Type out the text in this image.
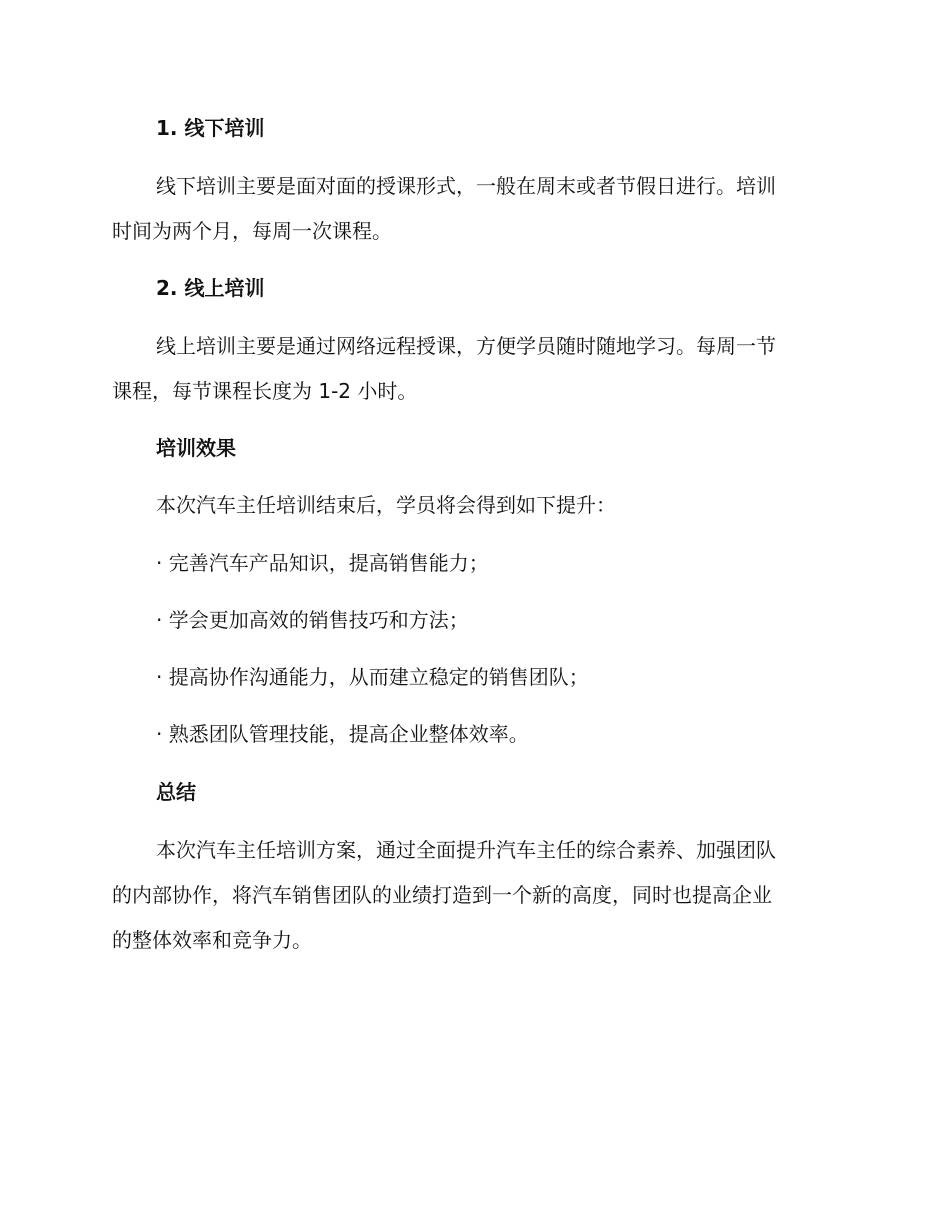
1. 线下培训
线下培训主要是面对面的授课形式，一般在周末或者节假日进行。培训
时间为两个月，每周一次课程。
2. 线上培训
线上培训主要是通过网络远程授课，方便学员随时随地学习。每周一节
课程，每节课程长度为 1-2 小时。
培训效果
本次汽车主任培训结束后，学员将会得到如下提升：
· 完善汽车产品知识，提高销售能力；
· 学会更加高效的销售技巧和方法；
· 提高协作沟通能力，从而建立稳定的销售团队；
· 熟悉团队管理技能，提高企业整体效率。
总结
本次汽车主任培训方案，通过全面提升汽车主任的综合素养、加强团队
的内部协作，将汽车销售团队的业绩打造到一个新的高度，同时也提高企业
的整体效率和竞争力。
